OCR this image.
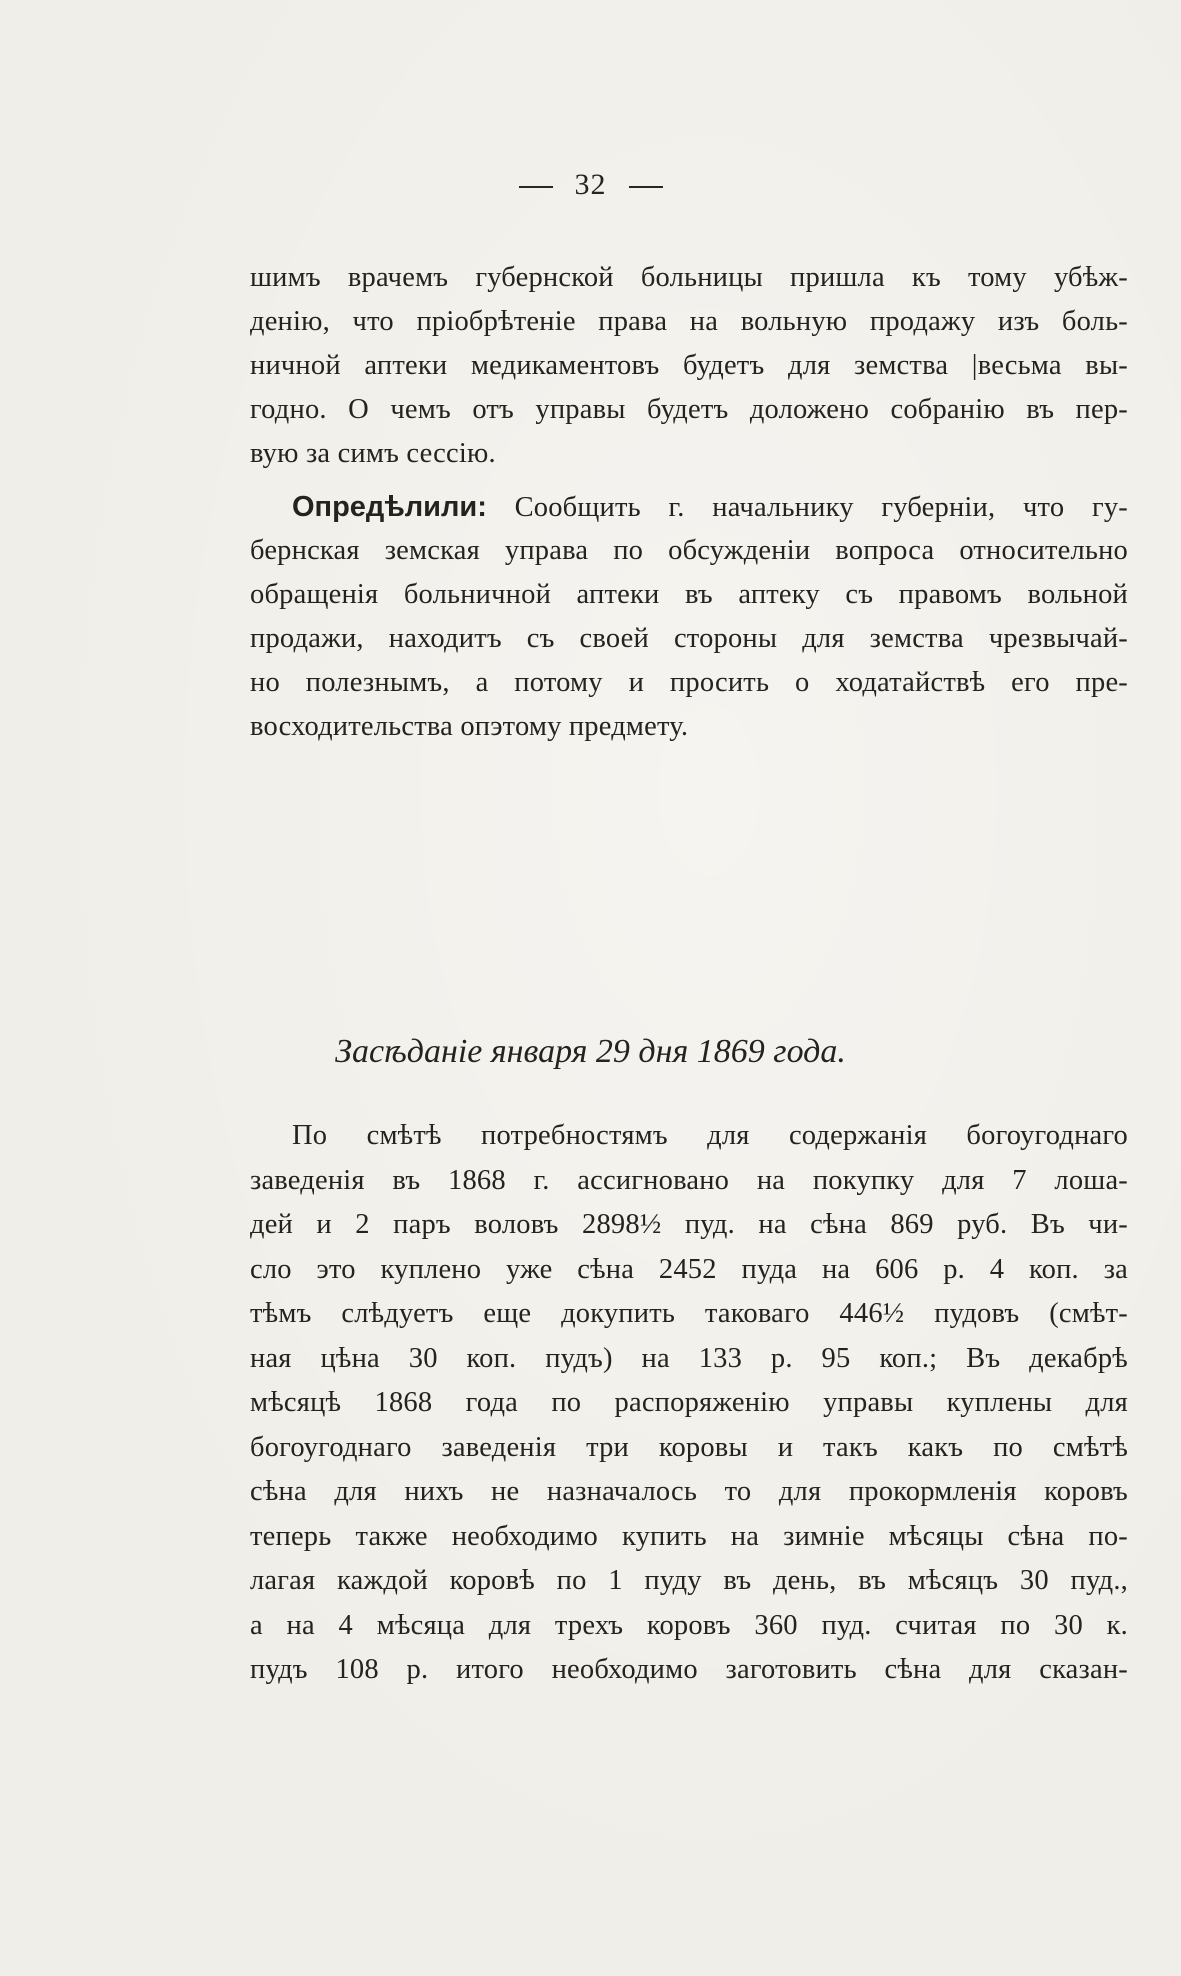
32
шимъ врачемъ губернской больницы пришла къ тому убѣж-
денію, что пріобрѣтеніе права на вольную продажу изъ боль-
ничной аптеки медикаментовъ будетъ для земства |весьма вы-
годно. О чемъ отъ управы будетъ доложено собранію въ пер-
вую за симъ сессію.
Опредѣлили: Сообщить г. начальнику губерніи, что гу-
бернская земская управа по обсужденіи вопроса относительно
обращенія больничной аптеки въ аптеку съ правомъ вольной
продажи, находитъ съ своей стороны для земства чрезвычай-
но полезнымъ, а потому и просить о ходатайствѣ его пре-
восходительства опэтому предмету.
Засѣданіе января 29 дня 1869 года.
По смѣтѣ потребностямъ для содержанія богоугоднаго
заведенія въ 1868 г. ассигновано на покупку для 7 лоша-
дей и 2 паръ воловъ 2898½ пуд. на сѣна 869 руб. Въ чи-
сло это куплено уже сѣна 2452 пуда на 606 р. 4 коп. за
тѣмъ слѣдуетъ еще докупить таковаго 446½ пудовъ (смѣт-
ная цѣна 30 коп. пудъ) на 133 р. 95 коп.; Въ декабрѣ
мѣсяцѣ 1868 года по распоряженію управы куплены для
богоугоднаго заведенія три коровы и такъ какъ по смѣтѣ
сѣна для нихъ не назначалось то для прокормленія коровъ
теперь также необходимо купить на зимніе мѣсяцы сѣна по-
лагая каждой коровѣ по 1 пуду въ день, въ мѣсяцъ 30 пуд.,
а на 4 мѣсяца для трехъ коровъ 360 пуд. считая по 30 к.
пудъ 108 р. итого необходимо заготовить сѣна для сказан-
